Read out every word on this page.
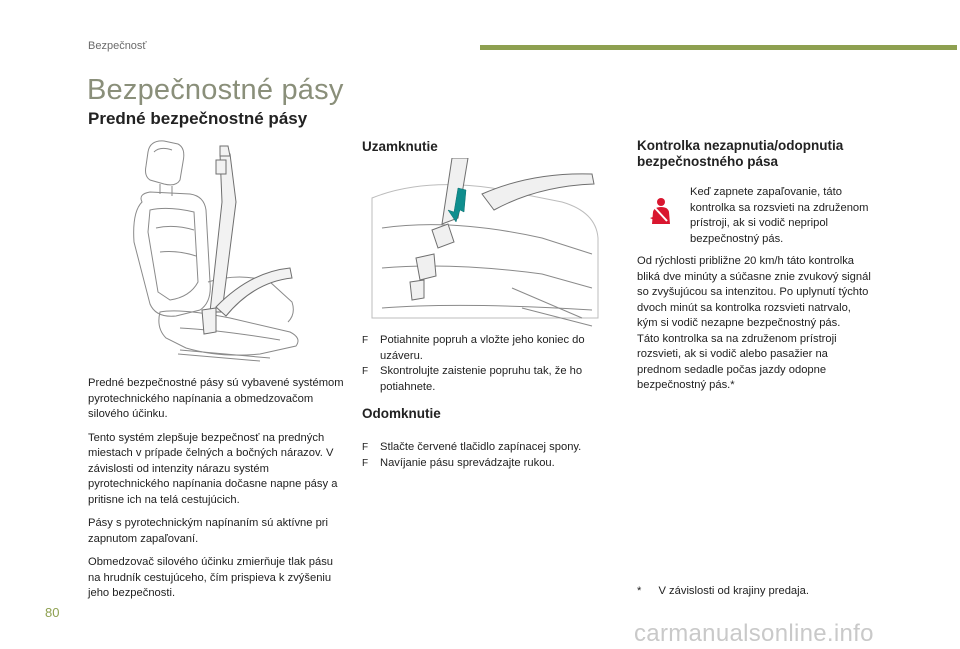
Bezpečnosť
Bezpečnostné pásy
Predné bezpečnostné pásy

Predné bezpečnostné pásy sú vybavené systémom pyrotechnického napínania a obmedzovačom silového účinku.

Tento systém zlepšuje bezpečnosť na predných miestach v prípade čelných a bočných nárazov. V závislosti od intenzity nárazu systém pyrotechnického napínania dočasne napne pásy a pritisne ich na telá cestujúcich.

Pásy s pyrotechnickým napínaním sú aktívne pri zapnutom zapaľovaní.

Obmedzovač silového účinku zmierňuje tlak pásu na hrudník cestujúceho, čím prispieva k zvýšeniu jeho bezpečnosti.

Uzamknutie
F Potiahnite popruh a vložte jeho koniec do uzáveru.
F Skontrolujte zaistenie popruhu tak, že ho potiahnete.
Odomknutie
F Stlačte červené tlačidlo zapínacej spony.
F Navíjanie pásu sprevádzajte rukou.
Kontrolka nezapnutia/odopnutia
bezpečnostného pása
Keď zapnete zapaľovanie, táto kontrolka sa rozsvieti na združenom prístroji, ak si vodič nepripol bezpečnostný pás.
Od rýchlosti približne 20 km/h táto kontrolka
bliká dve minúty a súčasne znie zvukový signál
so zvyšujúcou sa intenzitou. Po uplynutí týchto
dvoch minút sa kontrolka rozsvieti natrvalo,
kým si vodič nezapne bezpečnostný pás.
Táto kontrolka sa na združenom prístroji
rozsvieti, ak si vodič alebo pasažier na
prednom sedadle počas jazdy odopne
bezpečnostný pás.*
* V závislosti od krajiny predaja.
80
carmanualsonline.info
